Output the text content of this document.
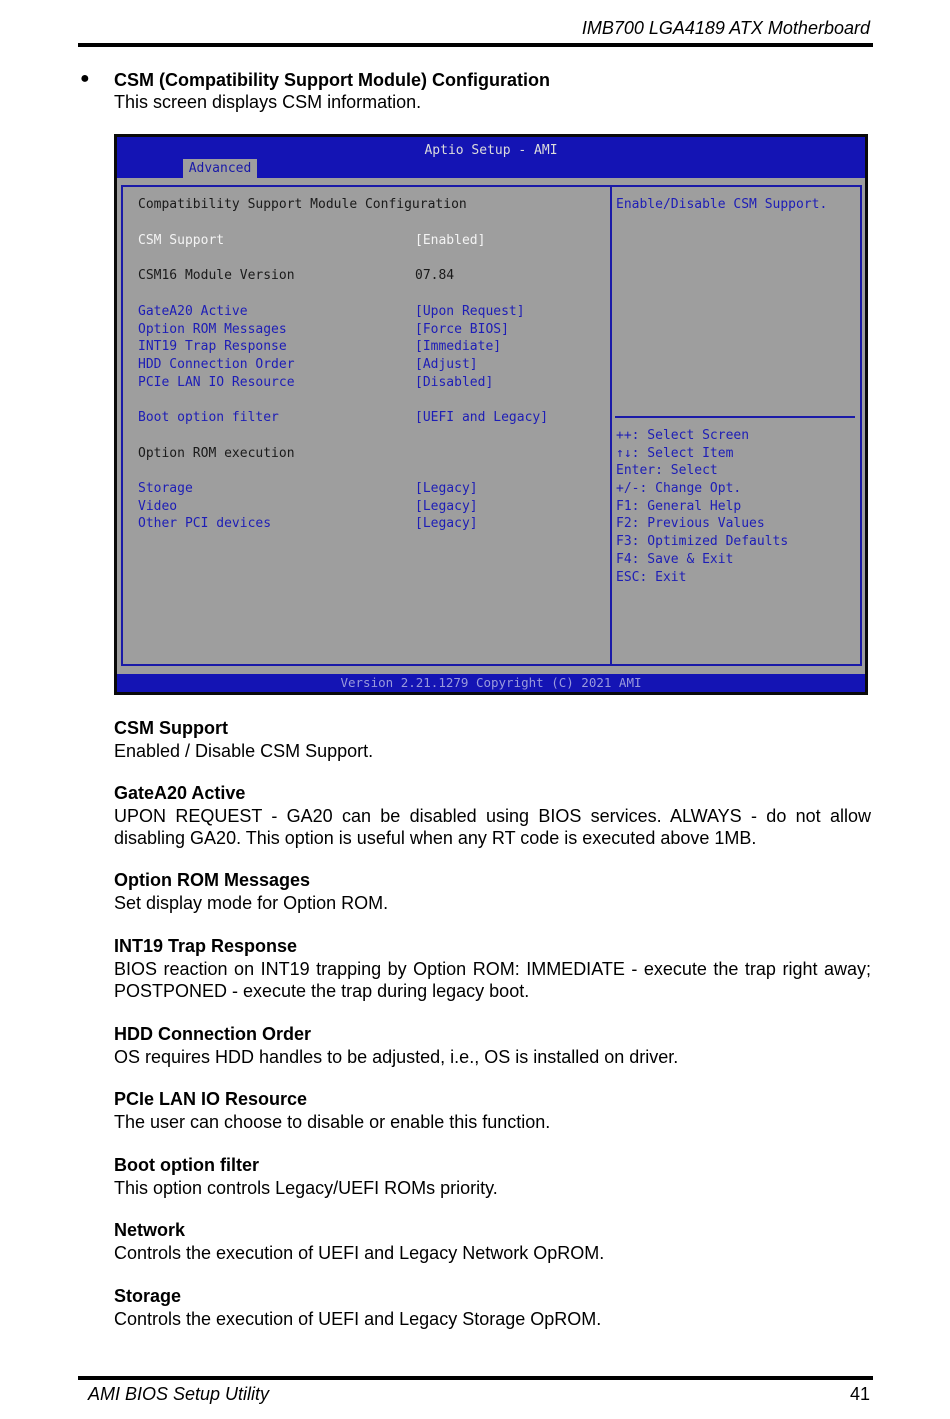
IMB700 LGA4189 ATX Motherboard
● CSM (Compatibility Support Module) Configuration
This screen displays CSM information.
Aptio Setup - AMI
Advanced
Compatibility Support Module Configuration
CSM Support	[Enabled]
CSM16 Module Version	07.84
GateA20 Active	[Upon Request]
Option ROM Messages	[Force BIOS]
INT19 Trap Response	[Immediate]
HDD Connection Order	[Adjust]
PCIe LAN IO Resource	[Disabled]
Boot option filter	[UEFI and Legacy]
Option ROM execution
Storage	[Legacy]
Video	[Legacy]
Other PCI devices	[Legacy]
Enable/Disable CSM Support.
++: Select Screen
↑↓: Select Item
Enter: Select
+/-: Change Opt.
F1: General Help
F2: Previous Values
F3: Optimized Defaults
F4: Save & Exit
ESC: Exit
Version 2.21.1279 Copyright (C) 2021 AMI
CSM Support
Enabled / Disable CSM Support.
GateA20 Active
UPON REQUEST - GA20 can be disabled using BIOS services. ALWAYS - do not allow disabling GA20. This option is useful when any RT code is executed above 1MB.
Option ROM Messages
Set display mode for Option ROM.
INT19 Trap Response
BIOS reaction on INT19 trapping by Option ROM: IMMEDIATE - execute the trap right away; POSTPONED - execute the trap during legacy boot.
HDD Connection Order
OS requires HDD handles to be adjusted, i.e., OS is installed on driver.
PCIe LAN IO Resource
The user can choose to disable or enable this function.
Boot option filter
This option controls Legacy/UEFI ROMs priority.
Network
Controls the execution of UEFI and Legacy Network OpROM.
Storage
Controls the execution of UEFI and Legacy Storage OpROM.
AMI BIOS Setup Utility	41
